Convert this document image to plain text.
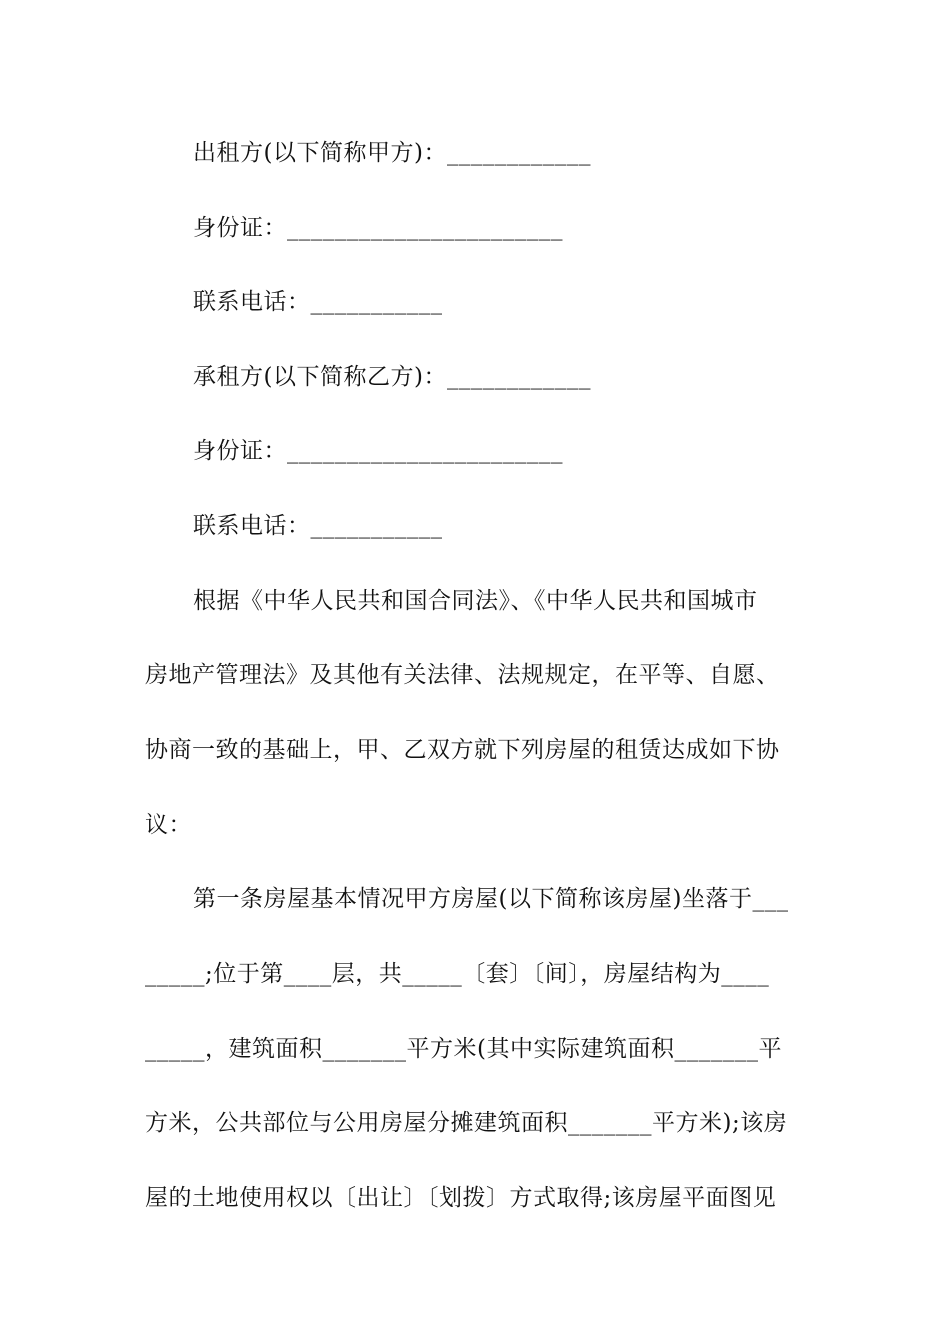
出租方(以下简称甲方)：____________
身份证：_______________________
联系电话：___________
承租方(以下简称乙方)：____________
身份证：_______________________
联系电话：___________
根据《中华人民共和国合同法》、《中华人民共和国城市
房地产管理法》及其他有关法律、法规规定，在平等、自愿、
协商一致的基础上，甲、乙双方就下列房屋的租赁达成如下协
议：
第一条房屋基本情况甲方房屋(以下简称该房屋)坐落于___
_____;位于第____层，共_____〔套〕〔间〕，房屋结构为____
_____，建筑面积_______平方米(其中实际建筑面积_______平
方米，公共部位与公用房屋分摊建筑面积_______平方米);该房
屋的土地使用权以〔出让〕〔划拨〕方式取得;该房屋平面图见
